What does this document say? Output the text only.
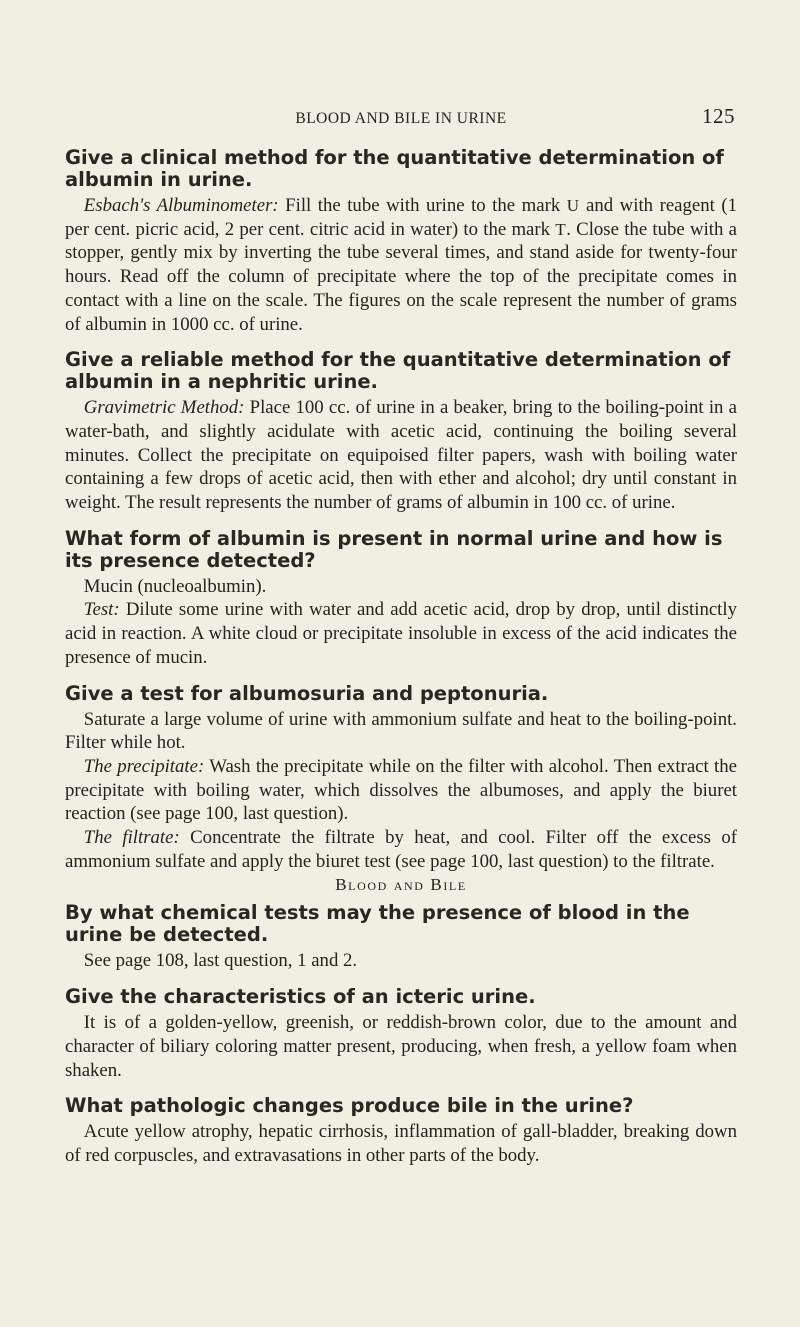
BLOOD AND BILE IN URINE	125
Give a clinical method for the quantitative determination of albumin in urine.

Esbach's Albuminometer: Fill the tube with urine to the mark U and with reagent (1 per cent. picric acid, 2 per cent. citric acid in water) to the mark T. Close the tube with a stopper, gently mix by inverting the tube several times, and stand aside for twenty-four hours. Read off the column of precipitate where the top of the precipitate comes in contact with a line on the scale. The figures on the scale represent the number of grams of albumin in 1000 cc. of urine.

Give a reliable method for the quantitative determination of albumin in a nephritic urine.

Gravimetric Method: Place 100 cc. of urine in a beaker, bring to the boiling-point in a water-bath, and slightly acidulate with acetic acid, continuing the boiling several minutes. Collect the precipitate on equipoised filter papers, wash with boiling water containing a few drops of acetic acid, then with ether and alcohol; dry until constant in weight. The result represents the number of grams of albumin in 100 cc. of urine.

What form of albumin is present in normal urine and how is its presence detected?

Mucin (nucleoalbumin).

Test: Dilute some urine with water and add acetic acid, drop by drop, until distinctly acid in reaction. A white cloud or precipitate insoluble in excess of the acid indicates the presence of mucin.

Give a test for albumosuria and peptonuria.

Saturate a large volume of urine with ammonium sulfate and heat to the boiling-point. Filter while hot.

The precipitate: Wash the precipitate while on the filter with alcohol. Then extract the precipitate with boiling water, which dissolves the albumoses, and apply the biuret reaction (see page 100, last question).

The filtrate: Concentrate the filtrate by heat, and cool. Filter off the excess of ammonium sulfate and apply the biuret test (see page 100, last question) to the filtrate.

Blood and Bile
By what chemical tests may the presence of blood in the urine be detected.

See page 108, last question, 1 and 2.

Give the characteristics of an icteric urine.

It is of a golden-yellow, greenish, or reddish-brown color, due to the amount and character of biliary coloring matter present, producing, when fresh, a yellow foam when shaken.

What pathologic changes produce bile in the urine?

Acute yellow atrophy, hepatic cirrhosis, inflammation of gall-bladder, breaking down of red corpuscles, and extravasations in other parts of the body.
